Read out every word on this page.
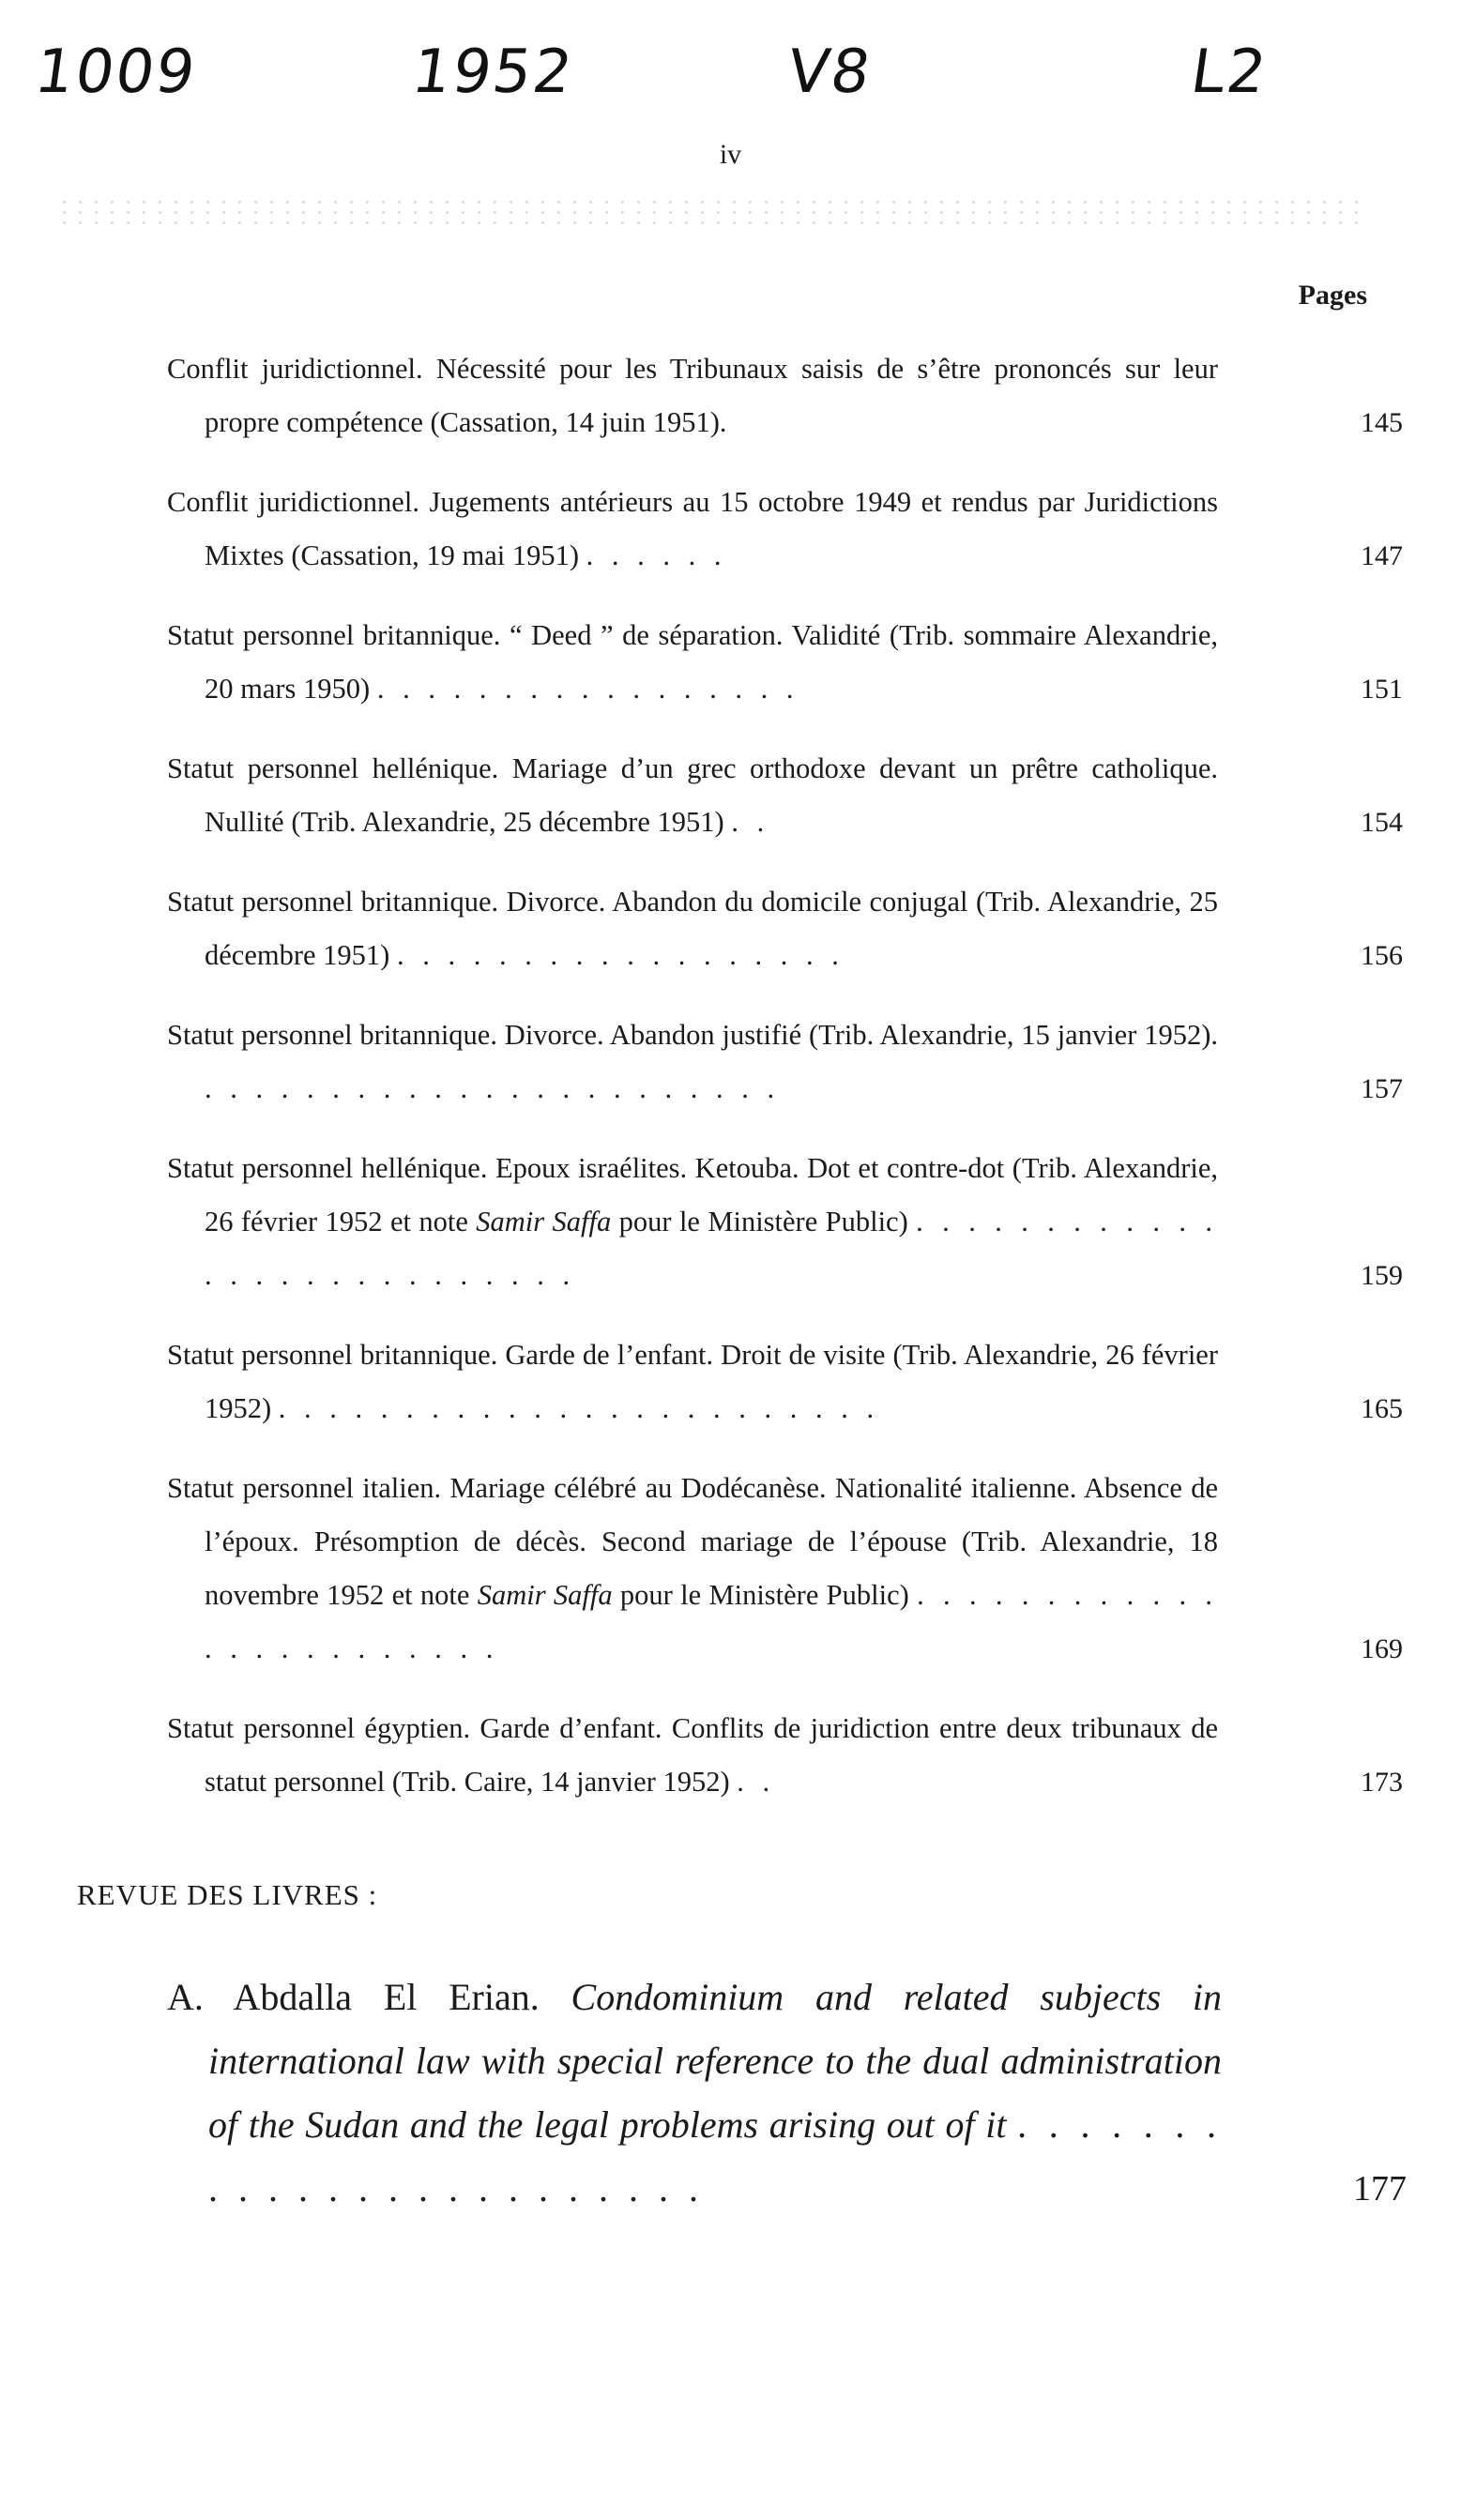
1009	1952	V8	L2
iv
Pages
Conflit juridictionnel. Nécessité pour les Tribunaux saisis de s’être prononcés sur leur propre compétence (Cassation, 14 juin 1951).	145
Conflit juridictionnel. Jugements antérieurs au 15 octobre 1949 et rendus par Juridictions Mixtes (Cassation, 19 mai 1951) . . . . . .	147
Statut personnel britannique. “ Deed ” de séparation. Validité (Trib. sommaire Alexandrie, 20 mars 1950) . . . . . . . . . . . . . . . . .	151
Statut personnel hellénique. Mariage d’un grec orthodoxe devant un prêtre catholique. Nullité (Trib. Alexandrie, 25 décembre 1951) . .	154
Statut personnel britannique. Divorce. Abandon du domicile conjugal (Trib. Alexandrie, 25 décembre 1951) . . . . . . . . . . . . . . . . . .	156
Statut personnel britannique. Divorce. Abandon justifié (Trib. Alexandrie, 15 janvier 1952). . . . . . . . . . . . . . . . . . . . . . . .	157
Statut personnel hellénique. Epoux israélites. Ketouba. Dot et contre-dot (Trib. Alexandrie, 26 février 1952 et note Samir Saffa pour le Ministère Public) . . . . . . . . . . . . . . . . . . . . . . . . . . .	159
Statut personnel britannique. Garde de l’enfant. Droit de visite (Trib. Alexandrie, 26 février 1952) . . . . . . . . . . . . . . . . . . . . . . . .	165
Statut personnel italien. Mariage célébré au Dodécanèse. Nationalité italienne. Absence de l’époux. Présomption de décès. Second mariage de l’épouse (Trib. Alexandrie, 18 novembre 1952 et note Samir Saffa pour le Ministère Public) . . . . . . . . . . . . . . . . . . . . . . . .	169
Statut personnel égyptien. Garde d’enfant. Conflits de juridiction entre deux tribunaux de statut personnel (Trib. Caire, 14 janvier 1952) . .	173
REVUE DES LIVRES :
A. Abdalla El Erian. Condominium and related subjects in international law with special reference to the dual administration of the Sudan and the legal problems arising out of it . . . . . . . . . . . . . . . . . . . . . . . .	177
